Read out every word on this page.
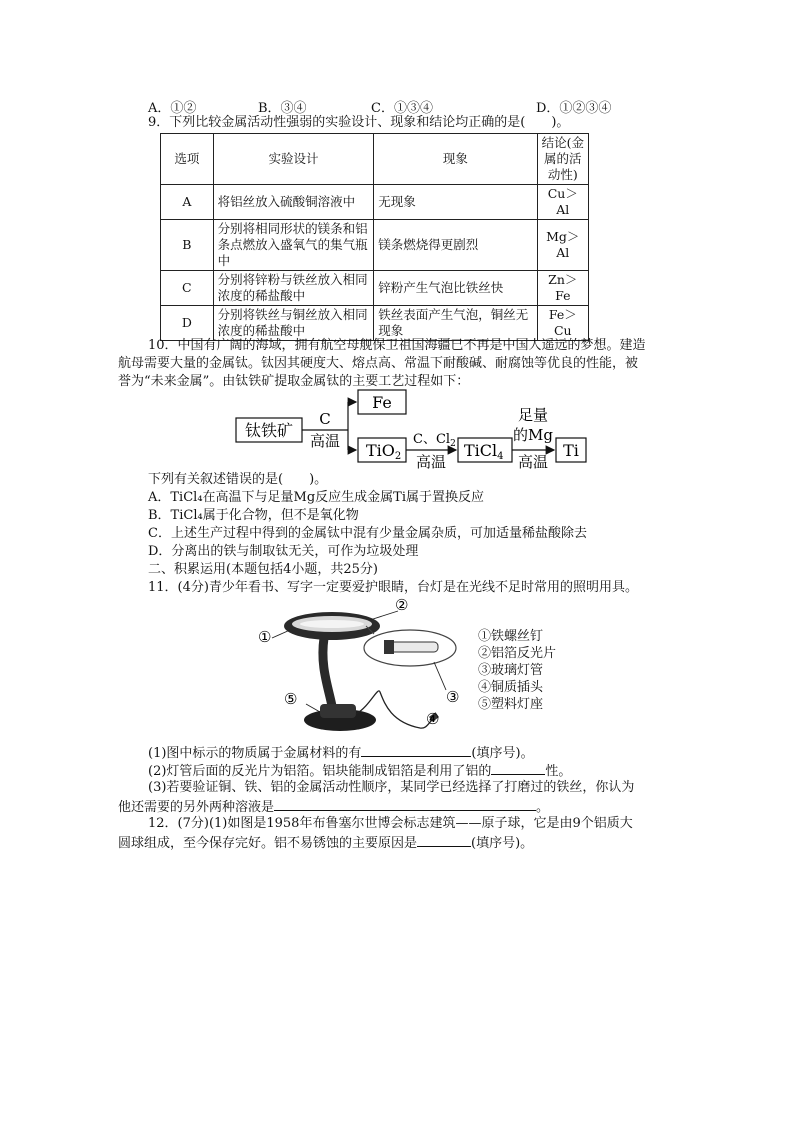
A．①②	B．③④	C．①③④	D．①②③④
9．下列比较金属活动性强弱的实验设计、现象和结论均正确的是(　　)。
选项	实验设计	现象	结论(金属的活动性)
A	将铝丝放入硫酸铜溶液中	无现象	Cu＞Al
B	分别将相同形状的镁条和铝条点燃放入盛氧气的集气瓶中	镁条燃烧得更剧烈	Mg＞Al
C	分别将锌粉与铁丝放入相同浓度的稀盐酸中	锌粉产生气泡比铁丝快	Zn＞Fe
D	分别将铁丝与铜丝放入相同浓度的稀盐酸中	铁丝表面产生气泡，铜丝无现象	Fe＞Cu
10．中国有广阔的海域，拥有航空母舰保卫祖国海疆已不再是中国人遥远的梦想。建造
航母需要大量的金属钛。钛因其硬度大、熔点高、常温下耐酸碱、耐腐蚀等优良的性能，被
誉为“未来金属”。由钛铁矿提取金属钛的主要工艺过程如下：
钛铁矿
C
高温
Fe
TiO2
C、$Cl_2$
高温
TiCl4
足量
的Mg
高温
Ti
下列有关叙述错误的是(　　)。
A．TiCl₄在高温下与足量Mg反应生成金属Ti属于置换反应
B．TiCl₄属于化合物，但不是氧化物
C．上述生产过程中得到的金属钛中混有少量金属杂质，可加适量稀盐酸除去
D．分离出的铁与制取钛无关，可作为垃圾处理
二、积累运用(本题包括4小题，共25分)
11．(4分)青少年看书、写字一定要爱护眼睛，台灯是在光线不足时常用的照明用具。
①
②
③
④
⑤
①铁螺丝钉
②铝箔反光片
③玻璃灯管
④铜质插头
⑤塑料灯座
(1)图中标示的物质属于金属材料的有	(填序号)。
(2)灯管后面的反光片为铝箔。铝块能制成铝箔是利用了铝的	性。
(3)若要验证铜、铁、铝的金属活动性顺序，某同学已经选择了打磨过的铁丝，你认为
他还需要的另外两种溶液是	。
12．(7分)(1)如图是1958年布鲁塞尔世博会标志建筑——原子球，它是由9个铝质大
圆球组成，至今保存完好。铝不易锈蚀的主要原因是	(填序号)。
